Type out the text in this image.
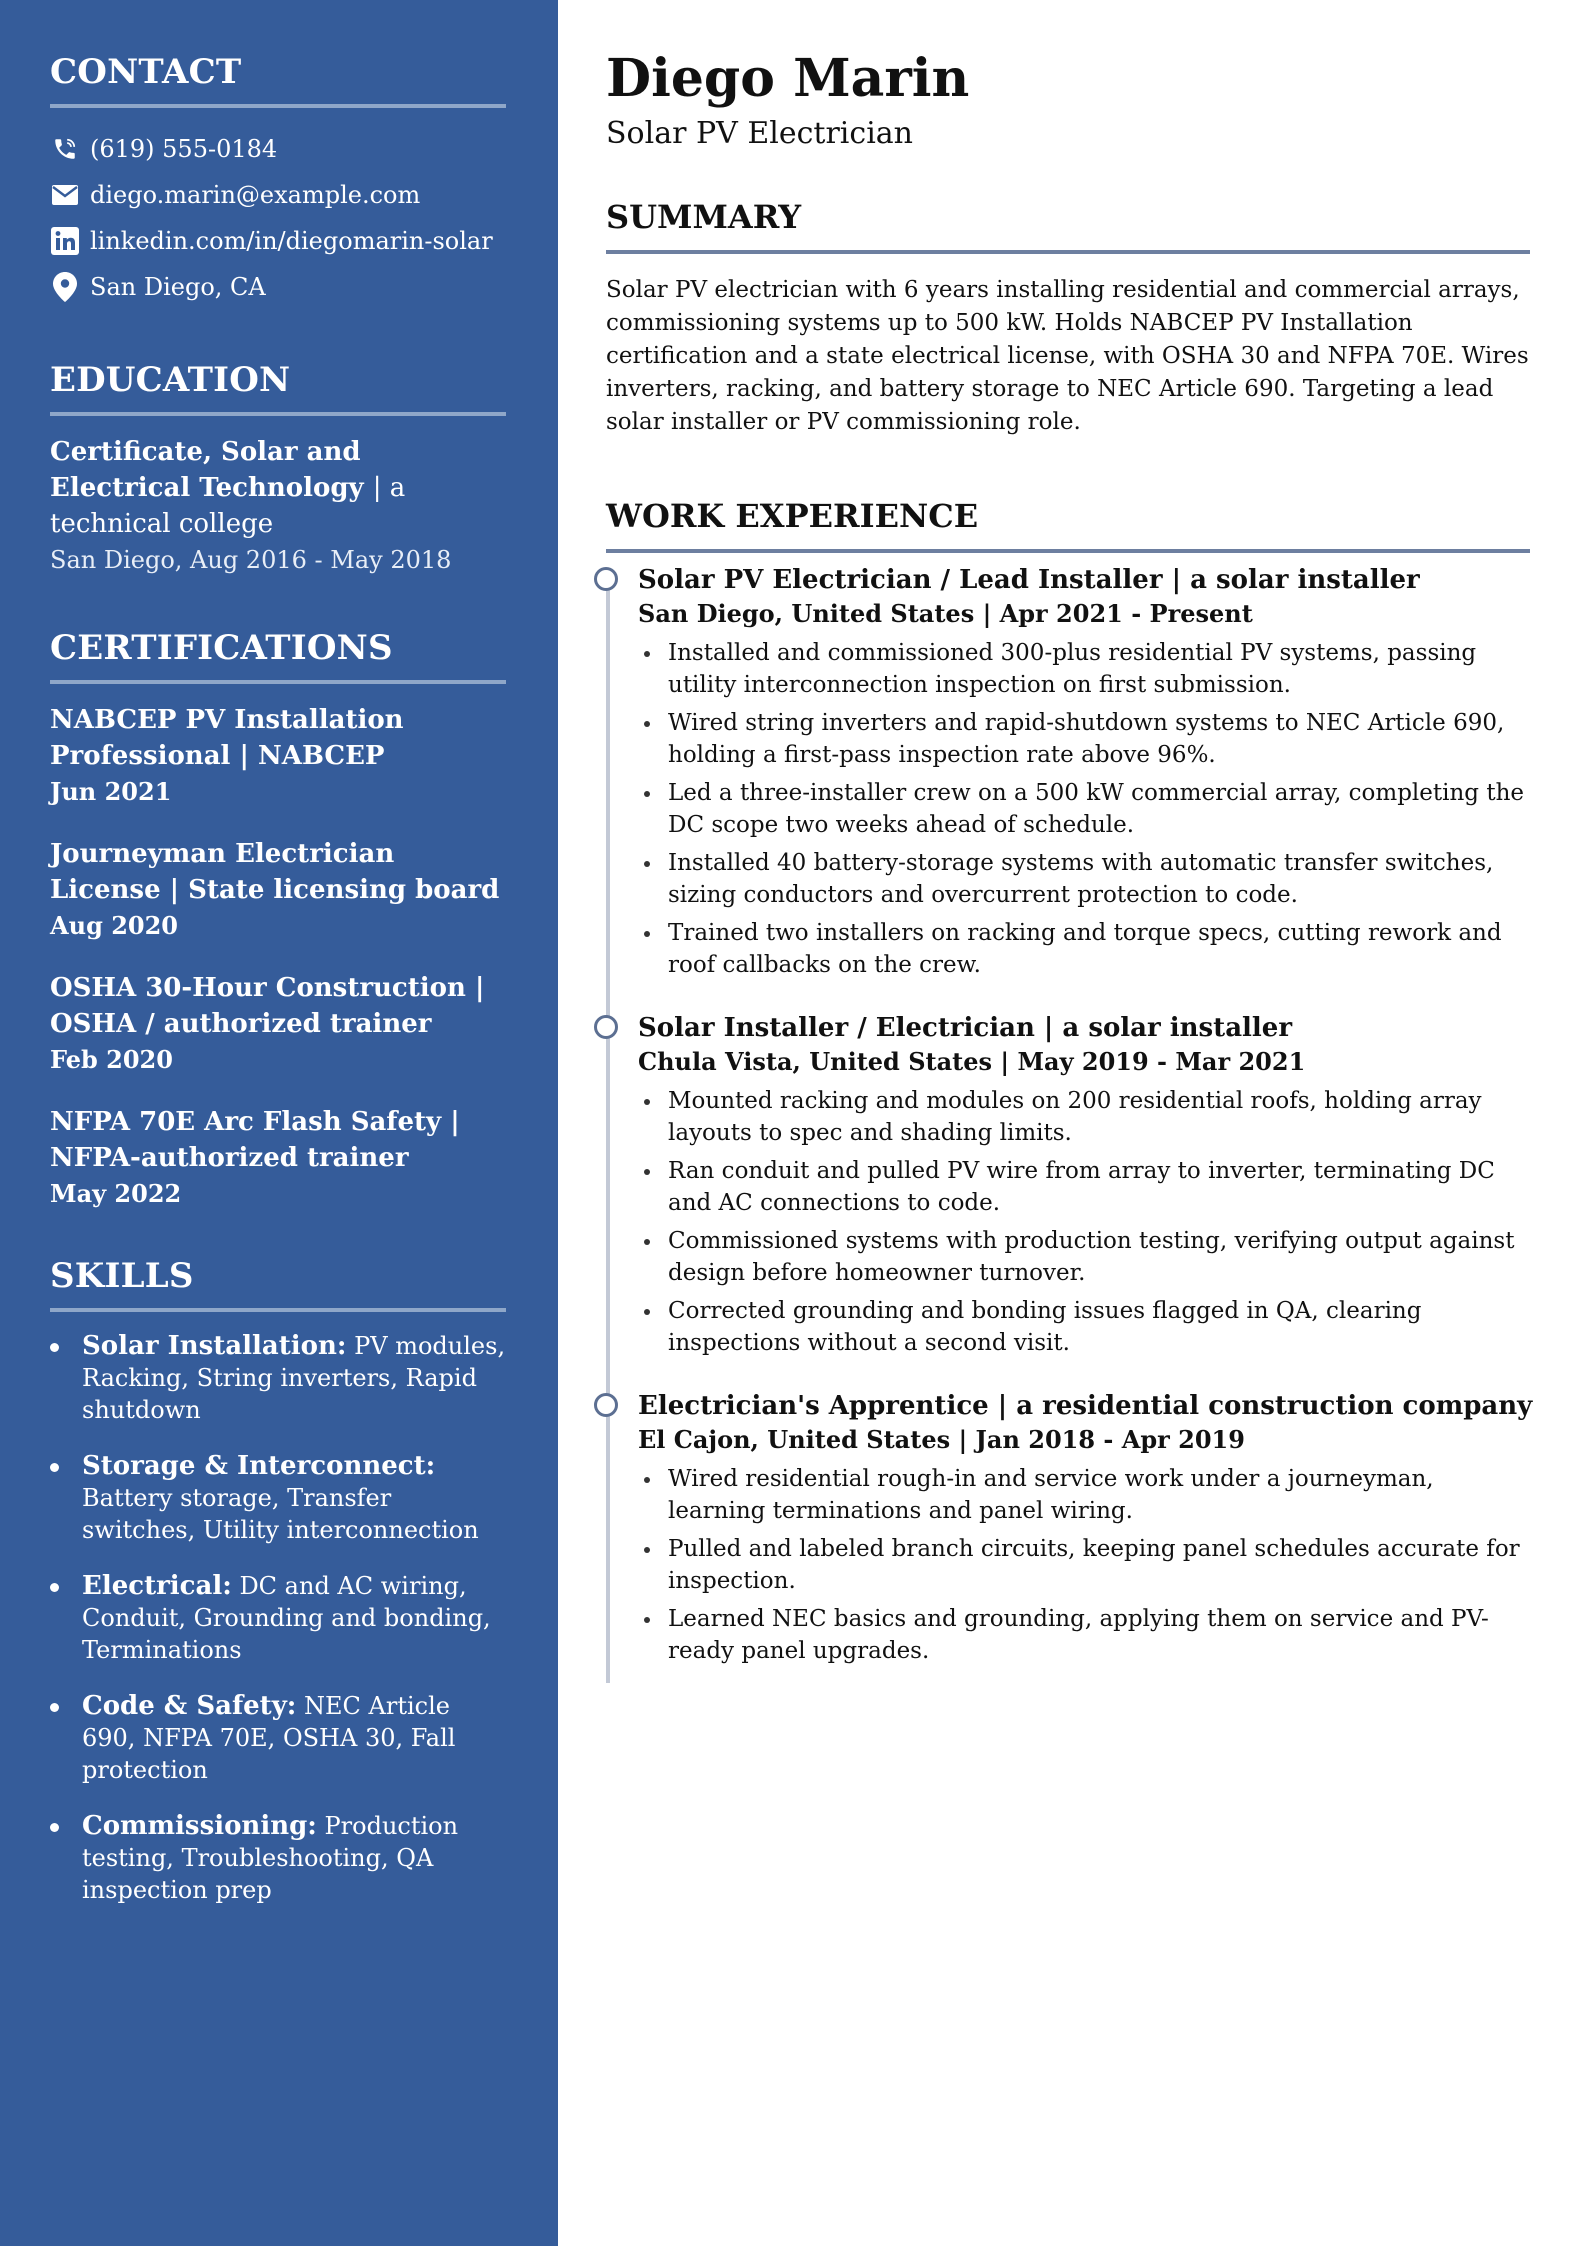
CONTACT
(619) 555-0184
diego.marin@example.com
linkedin.com/in/diegomarin-solar
San Diego, CA
EDUCATION
Certificate, Solar and Electrical Technology | a technical college
San Diego, Aug 2016 - May 2018
CERTIFICATIONS
NABCEP PV Installation Professional | NABCEP
Jun 2021
Journeyman Electrician License | State licensing board
Aug 2020
OSHA 30-Hour Construction | OSHA / authorized trainer
Feb 2020
NFPA 70E Arc Flash Safety | NFPA-authorized trainer
May 2022
SKILLS
Solar Installation: PV modules, Racking, String inverters, Rapid shutdown
Storage & Interconnect: Battery storage, Transfer switches, Utility interconnection
Electrical: DC and AC wiring, Conduit, Grounding and bonding, Terminations
Code & Safety: NEC Article 690, NFPA 70E, OSHA 30, Fall protection
Commissioning: Production testing, Troubleshooting, QA inspection prep
Diego Marin
Solar PV Electrician
SUMMARY

Solar PV electrician with 6 years installing residential and commercial arrays, commissioning systems up to 500 kW. Holds NABCEP PV Installation certification and a state electrical license, with OSHA 30 and NFPA 70E. Wires inverters, racking, and battery storage to NEC Article 690. Targeting a lead solar installer or PV commissioning role.

WORK EXPERIENCE
Solar PV Electrician / Lead Installer | a solar installer
San Diego, United States | Apr 2021 - Present
Installed and commissioned 300-plus residential PV systems, passing utility interconnection inspection on first submission.
Wired string inverters and rapid-shutdown systems to NEC Article 690, holding a first-pass inspection rate above 96%.
Led a three-installer crew on a 500 kW commercial array, completing the DC scope two weeks ahead of schedule.
Installed 40 battery-storage systems with automatic transfer switches, sizing conductors and overcurrent protection to code.
Trained two installers on racking and torque specs, cutting rework and roof callbacks on the crew.
Solar Installer / Electrician | a solar installer
Chula Vista, United States | May 2019 - Mar 2021
Mounted racking and modules on 200 residential roofs, holding array layouts to spec and shading limits.
Ran conduit and pulled PV wire from array to inverter, terminating DC and AC connections to code.
Commissioned systems with production testing, verifying output against design before homeowner turnover.
Corrected grounding and bonding issues flagged in QA, clearing inspections without a second visit.
Electrician's Apprentice | a residential construction company
El Cajon, United States | Jan 2018 - Apr 2019
Wired residential rough-in and service work under a journeyman, learning terminations and panel wiring.
Pulled and labeled branch circuits, keeping panel schedules accurate for inspection.
Learned NEC basics and grounding, applying them on service and PV-ready panel upgrades.
